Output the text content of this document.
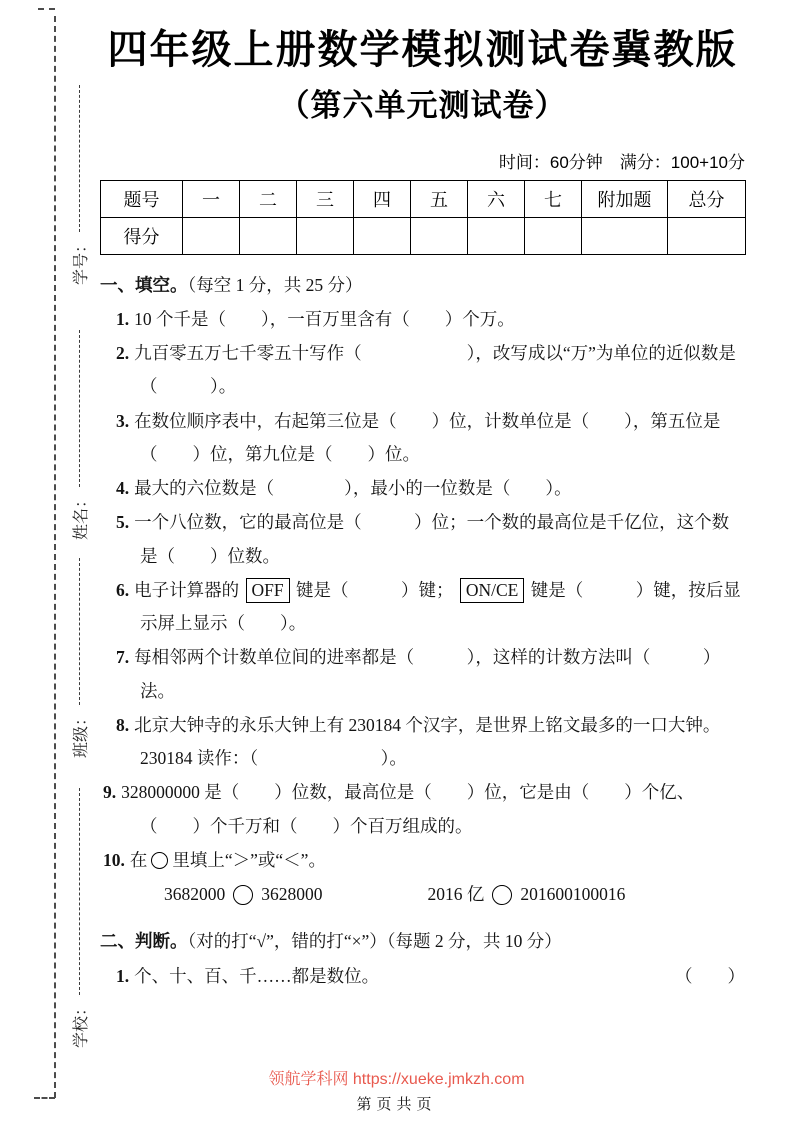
学号：
姓名：
班级：
学校：
四年级上册数学模拟测试卷冀教版
（第六单元测试卷）
时间：60分钟　满分：100+10分
题号	一	二	三	四	五	六	七	附加题	总分
得分									
一、填空。（每空 1 分，共 25 分）
1. 10 个千是（　　），一百万里含有（　　）个万。
2. 九百零五万七千零五十写作（　　　　　　），改写成以“万”为单位的近似数是（　　　）。
3. 在数位顺序表中，右起第三位是（　　）位，计数单位是（　　），第五位是（　　）位，第九位是（　　）位。
4. 最大的六位数是（　　　　），最小的一位数是（　　）。
5. 一个八位数，它的最高位是（　　　）位；一个数的最高位是千亿位，这个数是（　　）位数。
6. 电子计算器的 OFF 键是（　　　）键； ON/CE 键是（　　　）键，按后显示屏上显示（　　）。
7. 每相邻两个计数单位间的进率都是（　　　），这样的计数方法叫（　　　）法。
8. 北京大钟寺的永乐大钟上有 230184 个汉字，是世界上铭文最多的一口大钟。230184 读作：（　　　　　　　）。
9. 328000000 是（　　）位数，最高位是（　　）位，它是由（　　）个亿、（　　）个千万和（　　）个百万组成的。
10. 在 里填上“＞”或“＜”。
3682000 3628000	2016 亿 201600100016
二、判断。（对的打“√”，错的打“×”）（每题 2 分，共 10 分）
1. 个、十、百、千……都是数位。	（　　）
领航学科网 https://xueke.jmkzh.com
第页共页
